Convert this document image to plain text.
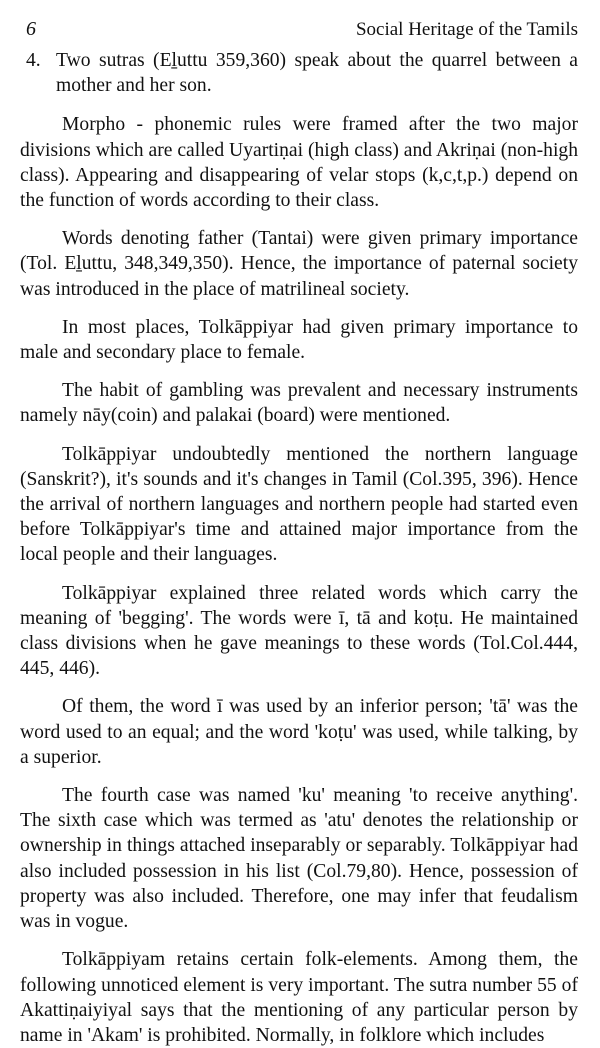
6	Social Heritage of the Tamils

4. Two sutras (Eḻuttu 359,360) speak about the quarrel between a mother and her son.

Morpho - phonemic rules were framed after the two major divisions which are called Uyartiṇai (high class) and Akriṇai (non-high class). Appearing and disappearing of velar stops (k,c,t,p.) depend on the function of words according to their class.

Words denoting father (Tantai) were given primary importance (Tol. Eḻuttu, 348,349,350). Hence, the importance of paternal society was introduced in the place of matrilineal society.

In most places, Tolkāppiyar had given primary importance to male and secondary place to female.

The habit of gambling was prevalent and necessary instruments namely nāy(coin) and palakai (board) were mentioned.

Tolkāppiyar undoubtedly mentioned the northern language (Sanskrit?), it's sounds and it's changes in Tamil (Col.395, 396). Hence the arrival of northern languages and northern people had started even before Tolkāppiyar's time and attained major importance from the local people and their languages.

Tolkāppiyar explained three related words which carry the meaning of 'begging'. The words were ī, tā and koṭu. He maintained class divisions when he gave meanings to these words (Tol.Col.444, 445, 446).

Of them, the word ī was used by an inferior person; 'tā' was the word used to an equal; and the word 'koṭu' was used, while talking, by a superior.

The fourth case was named 'ku' meaning 'to receive anything'. The sixth case which was termed as 'atu' denotes the relationship or ownership in things attached inseparably or separably. Tolkāppiyar had also included possession in his list (Col.79,80). Hence, possession of property was also included. Therefore, one may infer that feudalism was in vogue.

Tolkāppiyam retains certain folk-elements. Among them, the following unnoticed element is very important. The sutra number 55 of Akattiṇaiyiyal says that the mentioning of any particular person by name in 'Akam' is prohibited. Normally, in folklore which includes
